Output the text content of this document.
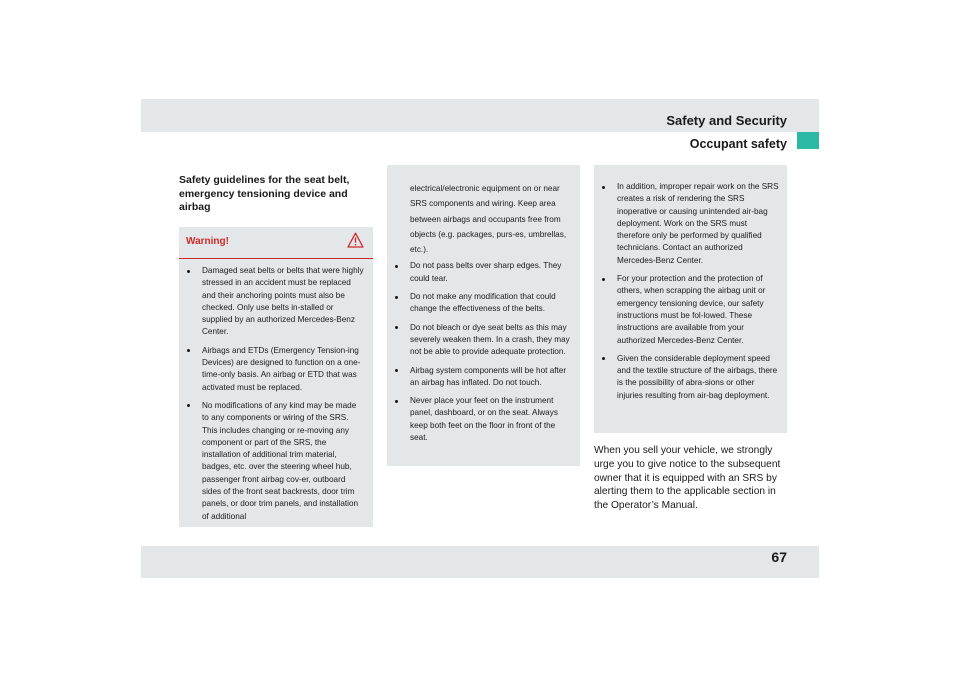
Safety and Security
Occupant safety
Safety guidelines for the seat belt, emergency tensioning device and airbag
Warning!
Damaged seat belts or belts that were highly stressed in an accident must be replaced and their anchoring points must also be checked. Only use belts in-stalled or supplied by an authorized Mercedes-Benz Center.
Airbags and ETDs (Emergency Tension-ing Devices) are designed to function on a one-time-only basis. An airbag or ETD that was activated must be replaced.
No modifications of any kind may be made to any components or wiring of the SRS. This includes changing or re-moving any component or part of the SRS, the installation of additional trim material, badges, etc. over the steering wheel hub, passenger front airbag cov-er, outboard sides of the front seat backrests, door trim panels, or door trim panels, and installation of additional

electrical/electronic equipment on or near SRS components and wiring. Keep area between airbags and occupants free from objects (e.g. packages, purs-es, umbrellas, etc.).

Do not pass belts over sharp edges. They could tear.
Do not make any modification that could change the effectiveness of the belts.
Do not bleach or dye seat belts as this may severely weaken them. In a crash, they may not be able to provide adequate protection.
Airbag system components will be hot after an airbag has inflated. Do not touch.
Never place your feet on the instrument panel, dashboard, or on the seat. Always keep both feet on the floor in front of the seat.
In addition, improper repair work on the SRS creates a risk of rendering the SRS inoperative or causing unintended air-bag deployment. Work on the SRS must therefore only be performed by qualified technicians. Contact an authorized Mercedes-Benz Center.
For your protection and the protection of others, when scrapping the airbag unit or emergency tensioning device, our safety instructions must be fol-lowed. These instructions are available from your authorized Mercedes-Benz Center.
Given the considerable deployment speed and the textile structure of the airbags, there is the possibility of abra-sions or other injuries resulting from air-bag deployment.

When you sell your vehicle, we strongly urge you to give notice to the subsequent owner that it is equipped with an SRS by alerting them to the applicable section in the Operator’s Manual.

67
